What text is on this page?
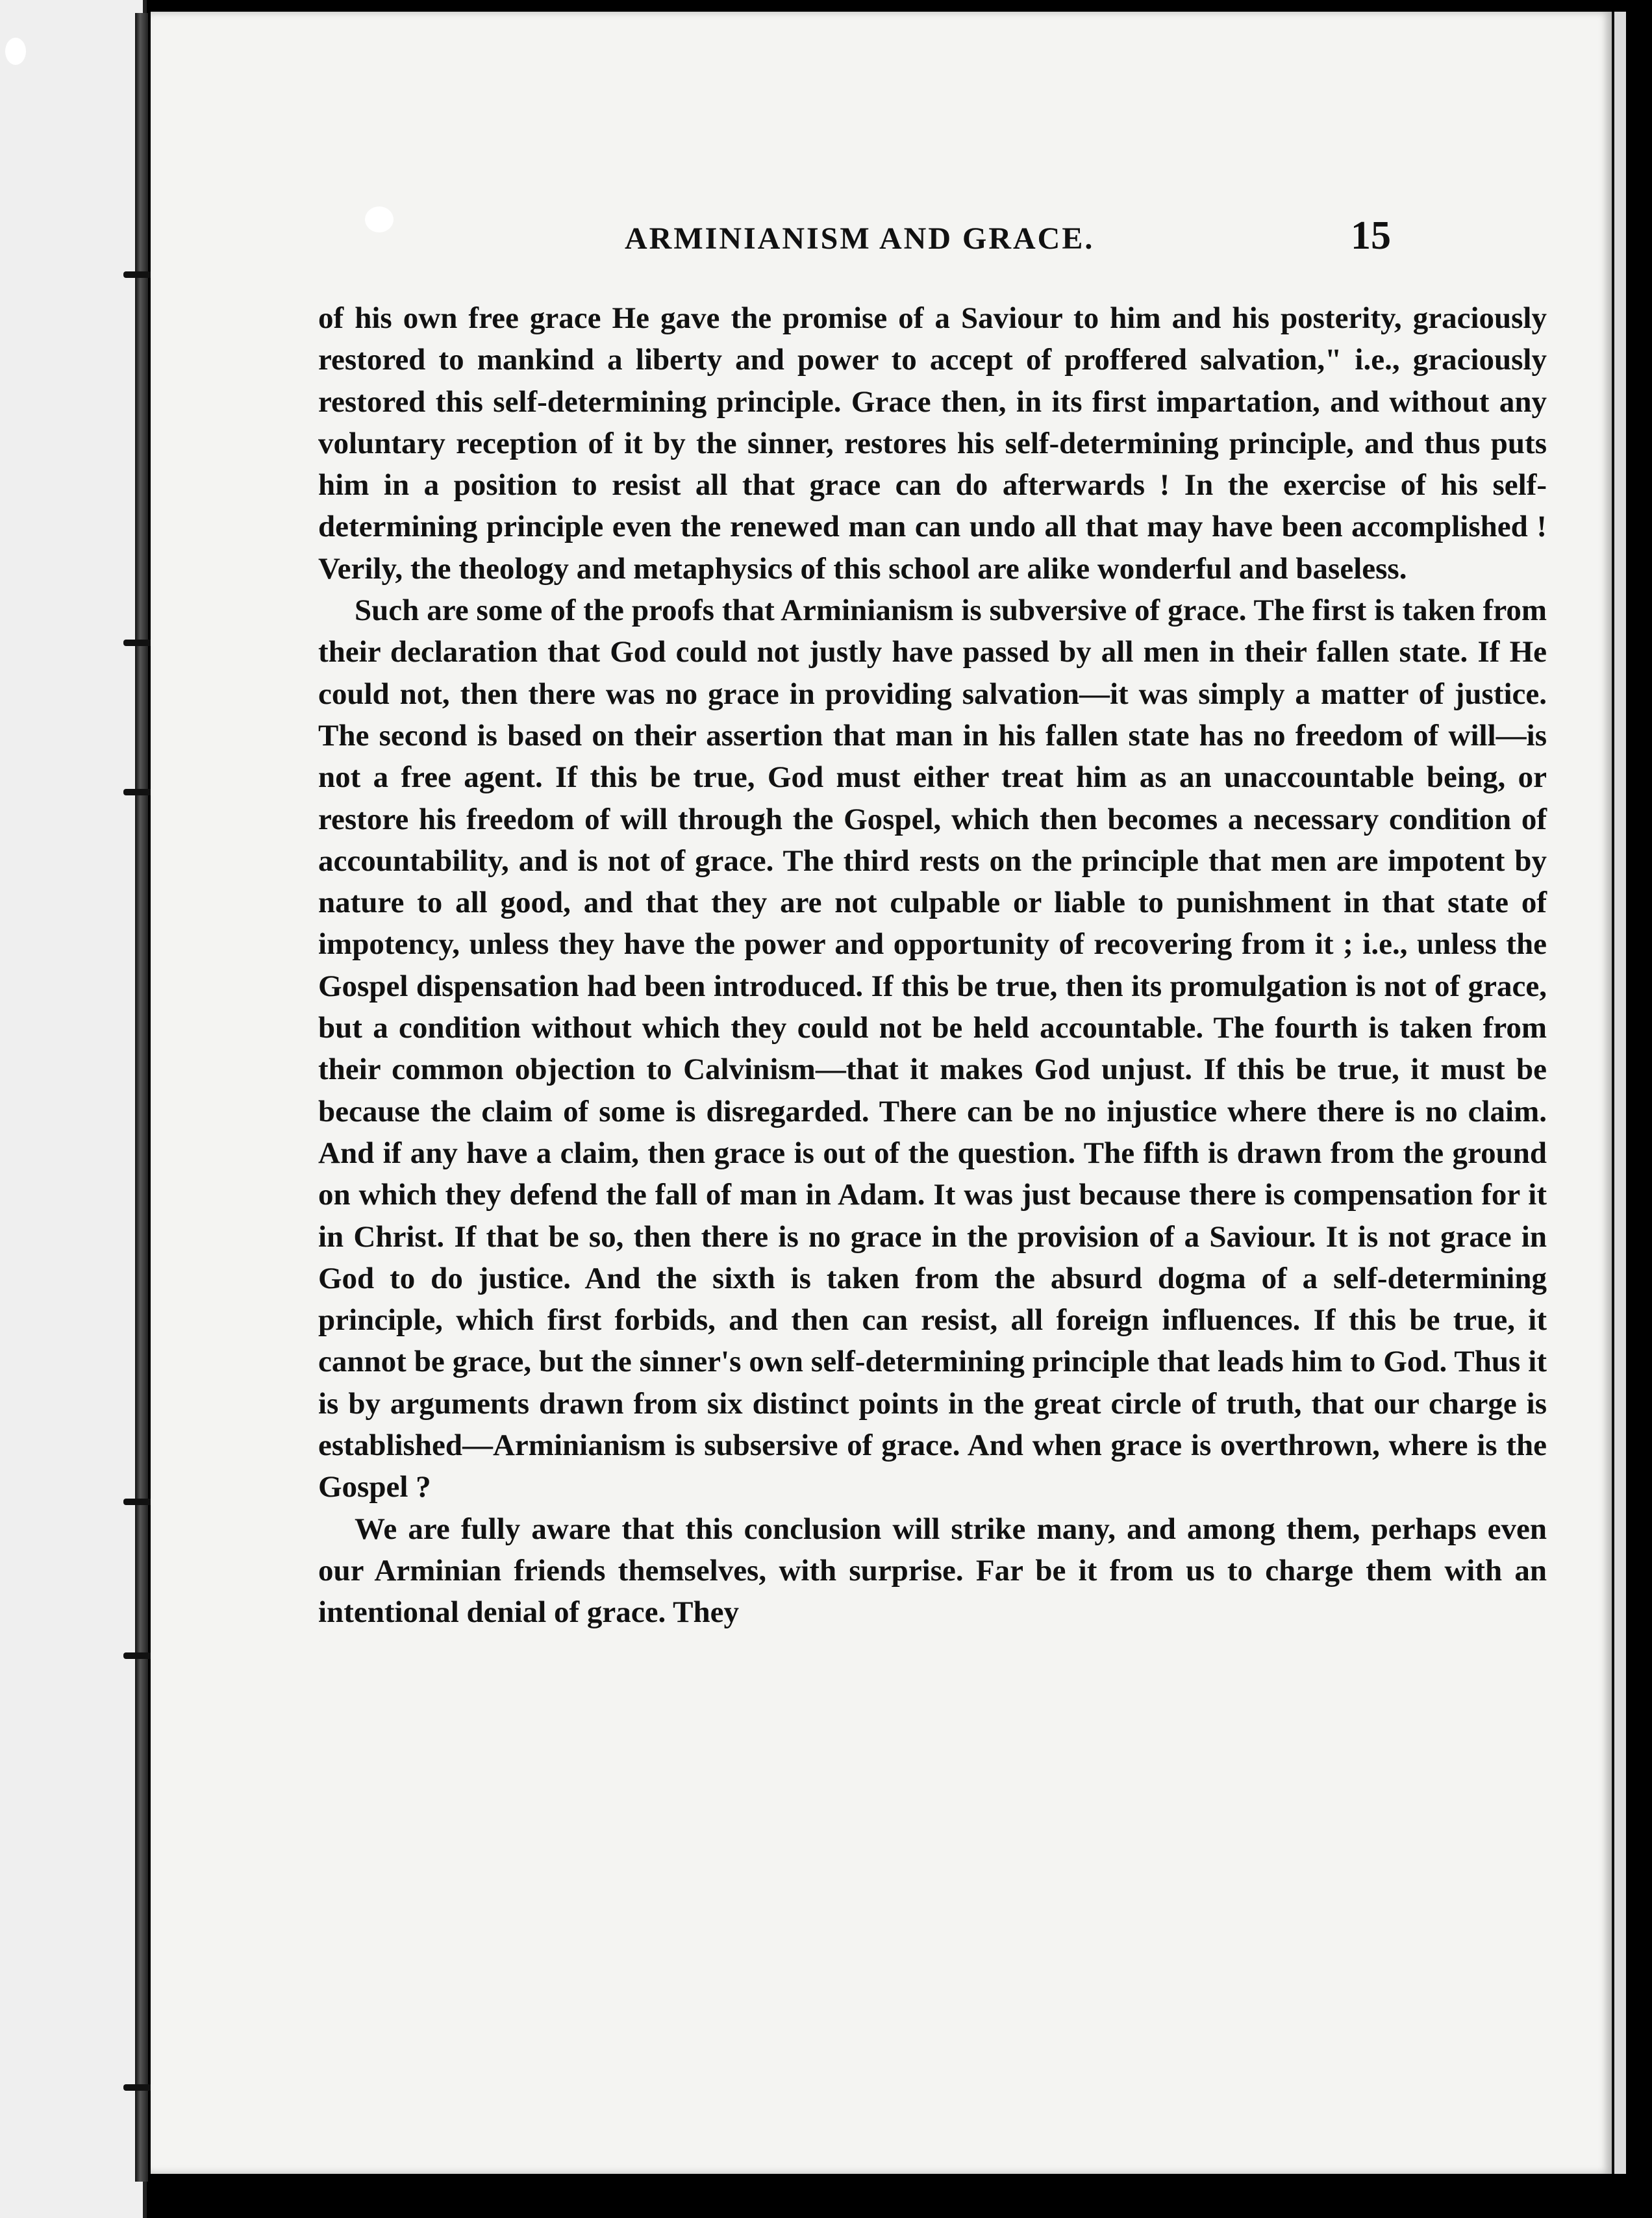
ARMINIANISM AND GRACE.	15

of his own free grace He gave the promise of a Saviour to him and his posterity, graciously restored to mankind a liberty and power to accept of proffered salvation," i.e., graciously restored this self-determining principle. Grace then, in its first impartation, and without any voluntary reception of it by the sinner, restores his self-determining principle, and thus puts him in a position to resist all that grace can do afterwards ! In the exercise of his self-determining principle even the renewed man can undo all that may have been accomplished ! Verily, the theology and metaphysics of this school are alike wonderful and baseless.

Such are some of the proofs that Arminianism is subversive of grace. The first is taken from their declaration that God could not justly have passed by all men in their fallen state. If He could not, then there was no grace in providing salvation—it was simply a matter of justice. The second is based on their assertion that man in his fallen state has no freedom of will—is not a free agent. If this be true, God must either treat him as an unaccountable being, or restore his freedom of will through the Gospel, which then becomes a necessary condition of accountability, and is not of grace. The third rests on the principle that men are impotent by nature to all good, and that they are not culpable or liable to punishment in that state of impotency, unless they have the power and opportunity of recovering from it ; i.e., unless the Gospel dispensation had been introduced. If this be true, then its promulgation is not of grace, but a condition without which they could not be held accountable. The fourth is taken from their common objection to Calvinism—that it makes God unjust. If this be true, it must be because the claim of some is disregarded. There can be no injustice where there is no claim. And if any have a claim, then grace is out of the question. The fifth is drawn from the ground on which they defend the fall of man in Adam. It was just because there is compensation for it in Christ. If that be so, then there is no grace in the provision of a Saviour. It is not grace in God to do justice. And the sixth is taken from the absurd dogma of a self-determining principle, which first forbids, and then can resist, all foreign influences. If this be true, it cannot be grace, but the sinner's own self-determining principle that leads him to God. Thus it is by arguments drawn from six distinct points in the great circle of truth, that our charge is established—Arminianism is subsersive of grace. And when grace is overthrown, where is the Gospel ?

We are fully aware that this conclusion will strike many, and among them, perhaps even our Arminian friends themselves, with surprise. Far be it from us to charge them with an intentional denial of grace. They
